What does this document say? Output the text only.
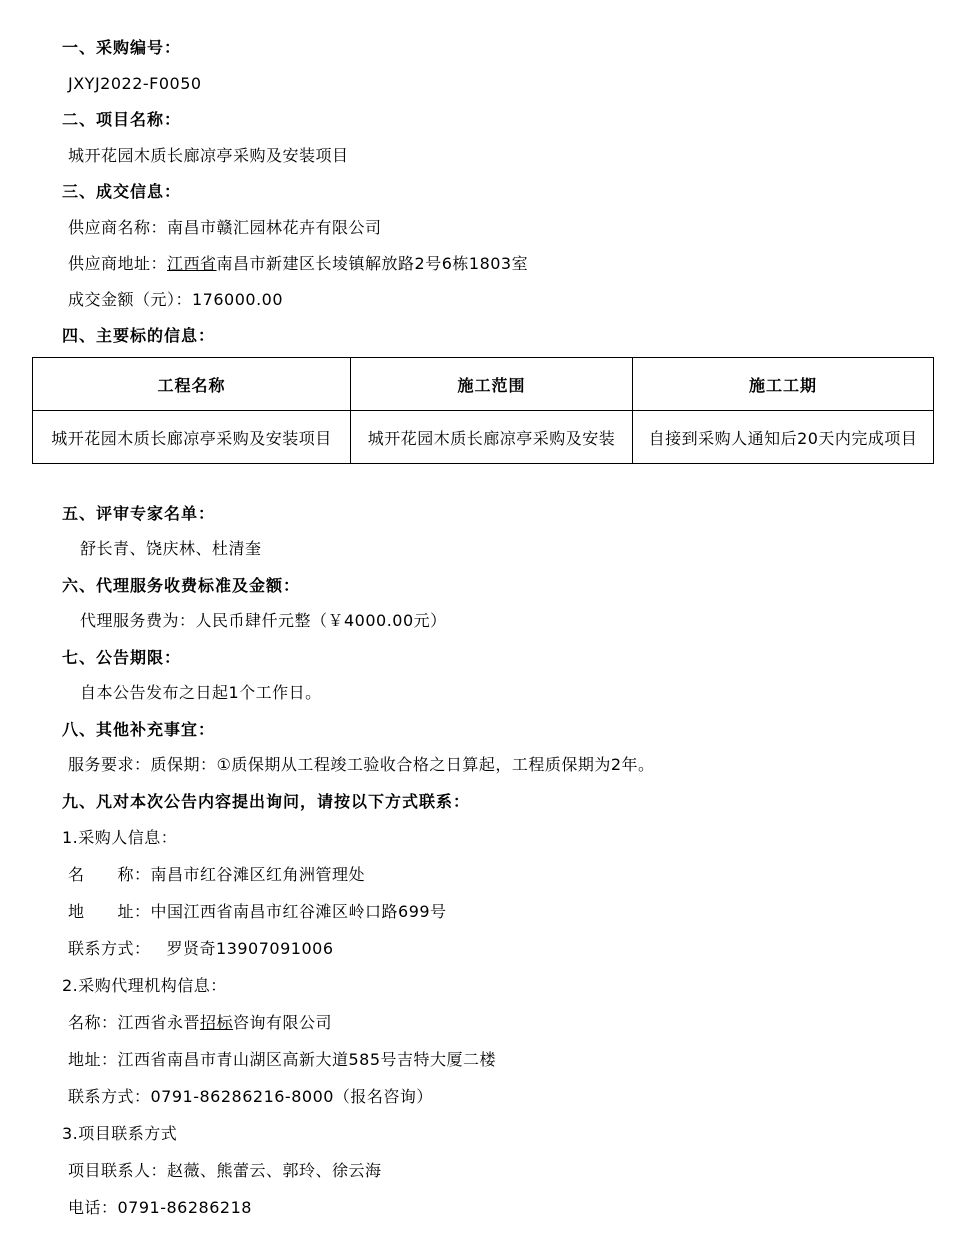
一、采购编号：
JXYJ2022-F0050
二、项目名称：
城开花园木质长廊凉亭采购及安装项目
三、成交信息：
供应商名称：南昌市赣汇园林花卉有限公司
供应商地址：江西省南昌市新建区长堎镇解放路2号6栋1803室
成交金额（元）：176000.00
四、主要标的信息：
工程名称	施工范围	施工工期
城开花园木质长廊凉亭采购及安装项目	城开花园木质长廊凉亭采购及安装	自接到采购人通知后20天内完成项目
五、评审专家名单：
舒长青、饶庆林、杜清奎
六、代理服务收费标准及金额：
代理服务费为：人民币肆仟元整（￥4000.00元）
七、公告期限：
自本公告发布之日起1个工作日。
八、其他补充事宜：
服务要求：质保期：①质保期从工程竣工验收合格之日算起，工程质保期为2年。
九、凡对本次公告内容提出询问，请按以下方式联系：
1.采购人信息：
名　　称：南昌市红谷滩区红角洲管理处
地　　址：中国江西省南昌市红谷滩区岭口路699号
联系方式： 罗贤奇13907091006
2.采购代理机构信息：
名称：江西省永晋招标咨询有限公司
地址：江西省南昌市青山湖区高新大道585号吉特大厦二楼
联系方式：0791-86286216-8000（报名咨询）
3.项目联系方式
项目联系人：赵薇、熊蕾云、郭玲、徐云海
电话：0791-86286218
